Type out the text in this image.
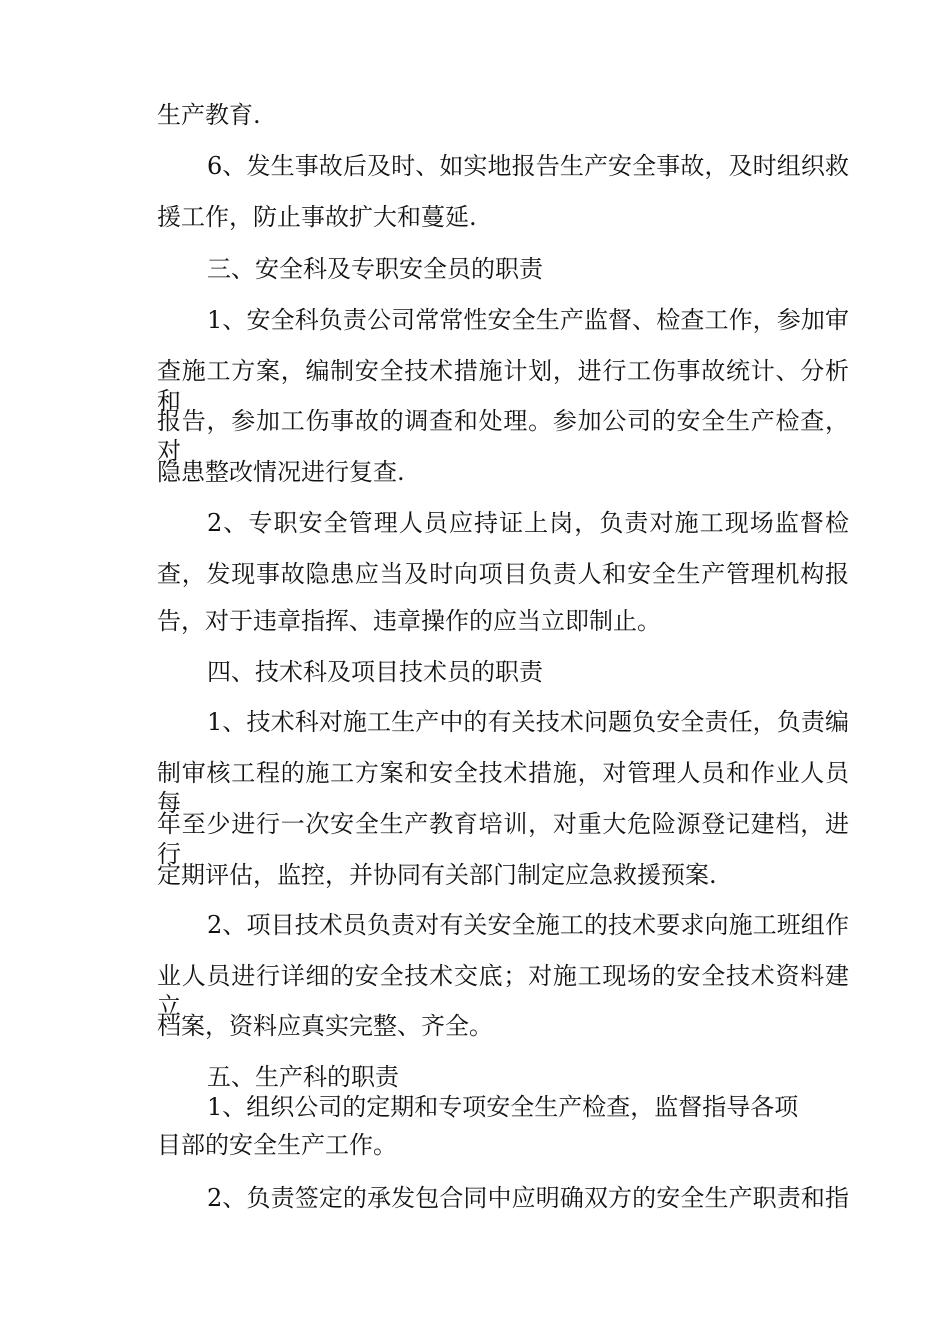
生产教育.
6、发生事故后及时、如实地报告生产安全事故，及时组织救
援工作，防止事故扩大和蔓延.
三、安全科及专职安全员的职责
1、安全科负责公司常常性安全生产监督、检查工作，参加审
查施工方案，编制安全技术措施计划，进行工伤事故统计、分析和
报告，参加工伤事故的调查和处理。参加公司的安全生产检查，对
隐患整改情况进行复查.
2、专职安全管理人员应持证上岗，负责对施工现场监督检
查，发现事故隐患应当及时向项目负责人和安全生产管理机构报
告，对于违章指挥、违章操作的应当立即制止。
四、技术科及项目技术员的职责
1、技术科对施工生产中的有关技术问题负安全责任，负责编
制审核工程的施工方案和安全技术措施，对管理人员和作业人员每
年至少进行一次安全生产教育培训，对重大危险源登记建档，进行
定期评估，监控，并协同有关部门制定应急救援预案.
2、项目技术员负责对有关安全施工的技术要求向施工班组作
业人员进行详细的安全技术交底；对施工现场的安全技术资料建立
档案，资料应真实完整、齐全。
五、生产科的职责
1、组织公司的定期和专项安全生产检查，监督指导各项
目部的安全生产工作。
2、负责签定的承发包合同中应明确双方的安全生产职责和指
